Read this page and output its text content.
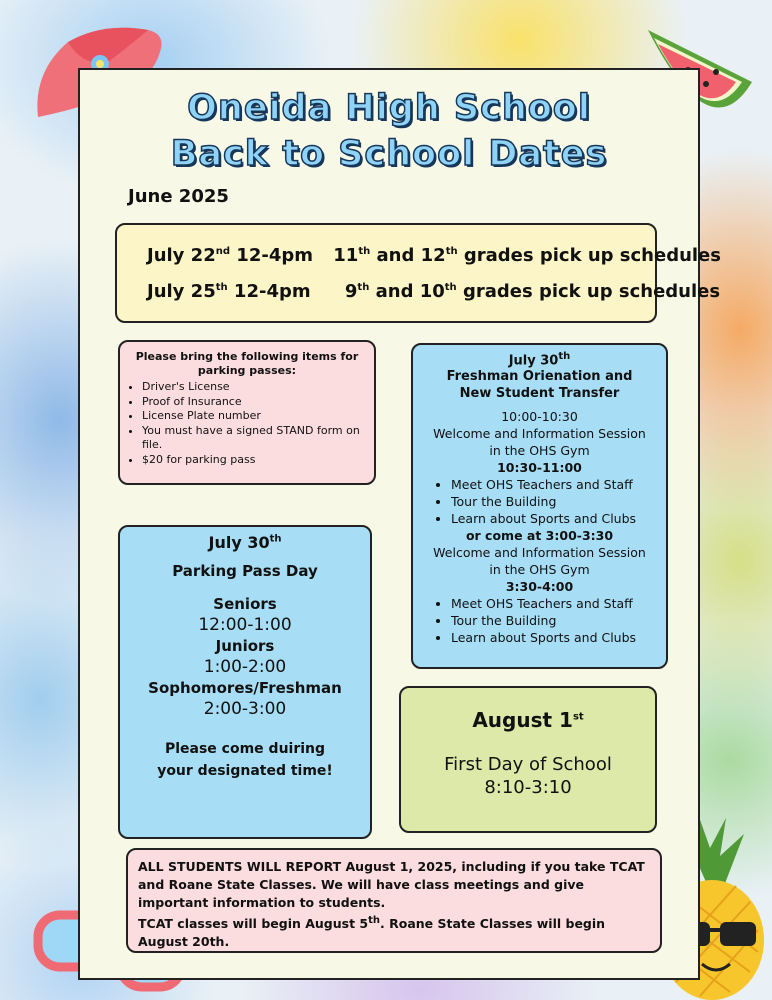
Oneida High School
Back to School Dates
June 2025
July 22nd 12-4pm 11th and 12th grades pick up schedules
July 25th 12-4pm 9th and 10th grades pick up schedules
Please bring the following items for parking passes:
• Driver's License
• Proof of Insurance
• License Plate number
• You must have a signed STAND form on file.
• $20 for parking pass
July 30th
Freshman Orienation and New Student Transfer
10:00-10:30
Welcome and Information Session in the OHS Gym
10:30-11:00
• Meet OHS Teachers and Staff
• Tour the Building
• Learn about Sports and Clubs
or come at 3:00-3:30
Welcome and Information Session in the OHS Gym
3:30-4:00
• Meet OHS Teachers and Staff
• Tour the Building
• Learn about Sports and Clubs
July 30th
Parking Pass Day
Seniors
12:00-1:00
Juniors
1:00-2:00
Sophomores/Freshman
2:00-3:00
Please come duiring your designated time!
August 1st
First Day of School
8:10-3:10

ALL STUDENTS WILL REPORT August 1, 2025, including if you take TCAT and Roane State Classes. We will have class meetings and give important information to students.

TCAT classes will begin August 5th. Roane State Classes will begin August 20th.
